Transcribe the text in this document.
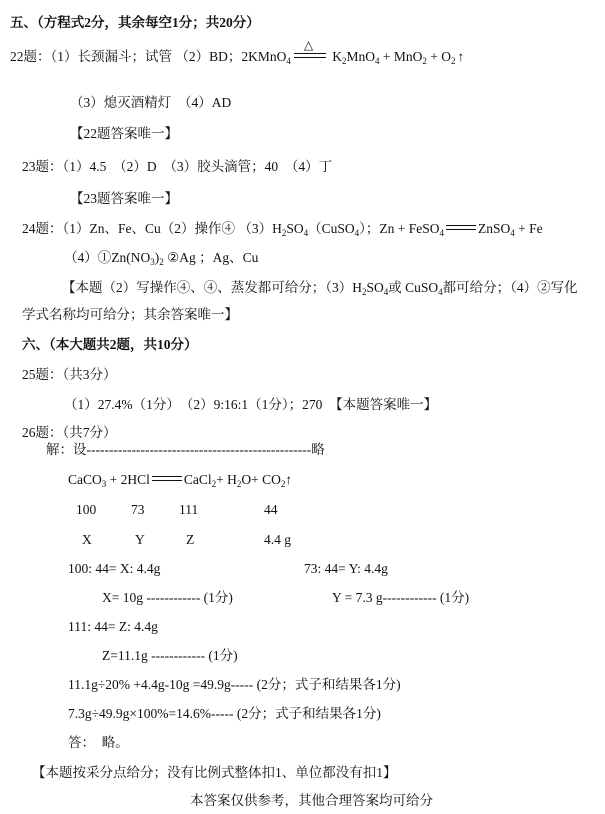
五、（方程式2分，其余每空1分；共20分）
22题：（1）长颈漏斗；试管 （2）BD；2KMnO$_4$
△
$K_2MnO_4 + MnO_2 + O_2$ ↑
（3）熄灭酒精灯　（4）AD
【22题答案唯一】
23题：（1）4.5　（2）D　（3）胶头滴管；40　（4）丁
【23题答案唯一】
24题：（1）Zn、Fe、Cu（2）操作④ $(3)H_2SO_4(CuSO_4)$；Zn + FeSO$_4$	ZnSO$_4$ + Fe
$(4)①Zn(NO_3)_2$ ②Ag ；Ag、Cu
【本题（2）写操作④、④、蒸发都可给分；$(3)H_2SO_4$或 CuSO$_4$都可给分；（4）②写化
学式名称均可给分；其余答案唯一】
六、（本大题共2题，共10分）
25题：（共3分）
（1）27.4%（1分）　（2）9:16:1（1分）；270　【本题答案唯一】
26题：（共7分）
解：设--------------------------------------------------略
CaCO$_3$ + 2HCl	CaCl$_2$+ $H_2O+$ $CO_2↑$
100	73	111	44
X	Y	Z	4.4 g
100: 44= X: 4.4g	73: 44= Y: 4.4g
X= 10g ------------ (1分)	Y = 7.3 g------------ (1分)
111: 44= Z: 4.4g
Z=11.1g ------------ (1分)
11.1g÷20% +4.4g-10g =49.9g----- (2分；式子和结果各1分)
7.3g÷49.9g×100%=14.6%----- (2分；式子和结果各1分)
答：　略。
【本题按采分点给分；没有比例式整体扣1、单位都没有扣1】
本答案仅供参考，其他合理答案均可给分
